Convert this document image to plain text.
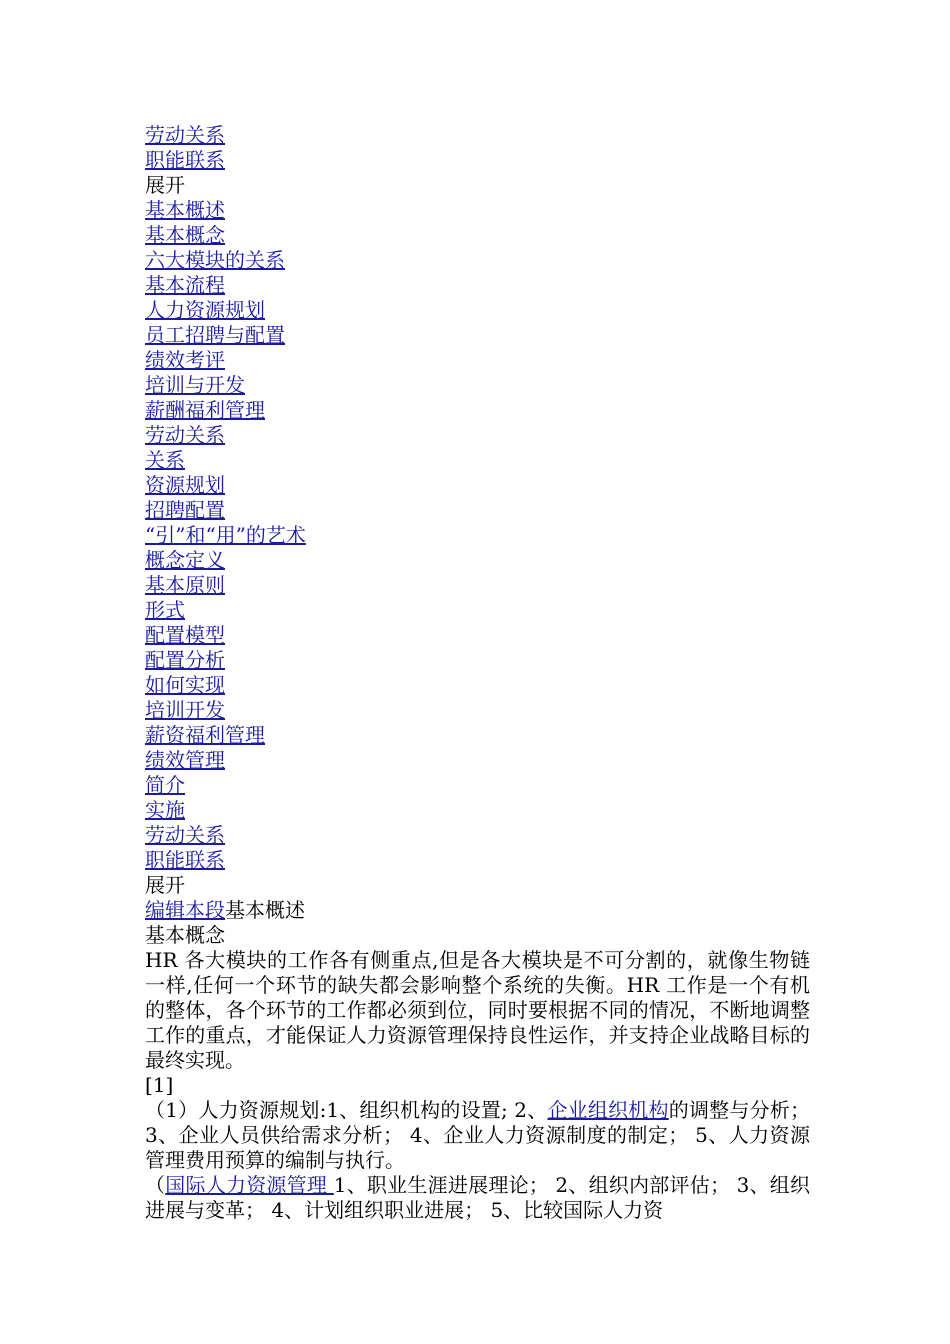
劳动关系
职能联系
展开
基本概述
基本概念
六大模块的关系
基本流程
人力资源规划
员工招聘与配置
绩效考评
培训与开发
薪酬福利管理
劳动关系
关系
资源规划
招聘配置
“引”和“用”的艺术
概念定义
基本原则
形式
配置模型
配置分析
如何实现
培训开发
薪资福利管理
绩效管理
简介
实施
劳动关系
职能联系
展开
编辑本段基本概述
基本概念
HR 各大模块的工作各有侧重点,但是各大模块是不可分割的，就像生物链一样,任何一个环节的缺失都会影响整个系统的失衡。HR 工作是一个有机的整体，各个环节的工作都必须到位，同时要根据不同的情况，不断地调整工作的重点，才能保证人力资源管理保持良性运作，并支持企业战略目标的最终实现。
[1]
（1）人力资源规划:1、组织机构的设置; 2、企业组织机构的调整与分析； 3、企业人员供给需求分析； 4、企业人力资源制度的制定； 5、人力资源管理费用预算的编制与执行。
（国际人力资源管理 1、职业生涯进展理论； 2、组织内部评估； 3、组织进展与变革； 4、计划组织职业进展； 5、比较国际人力资
